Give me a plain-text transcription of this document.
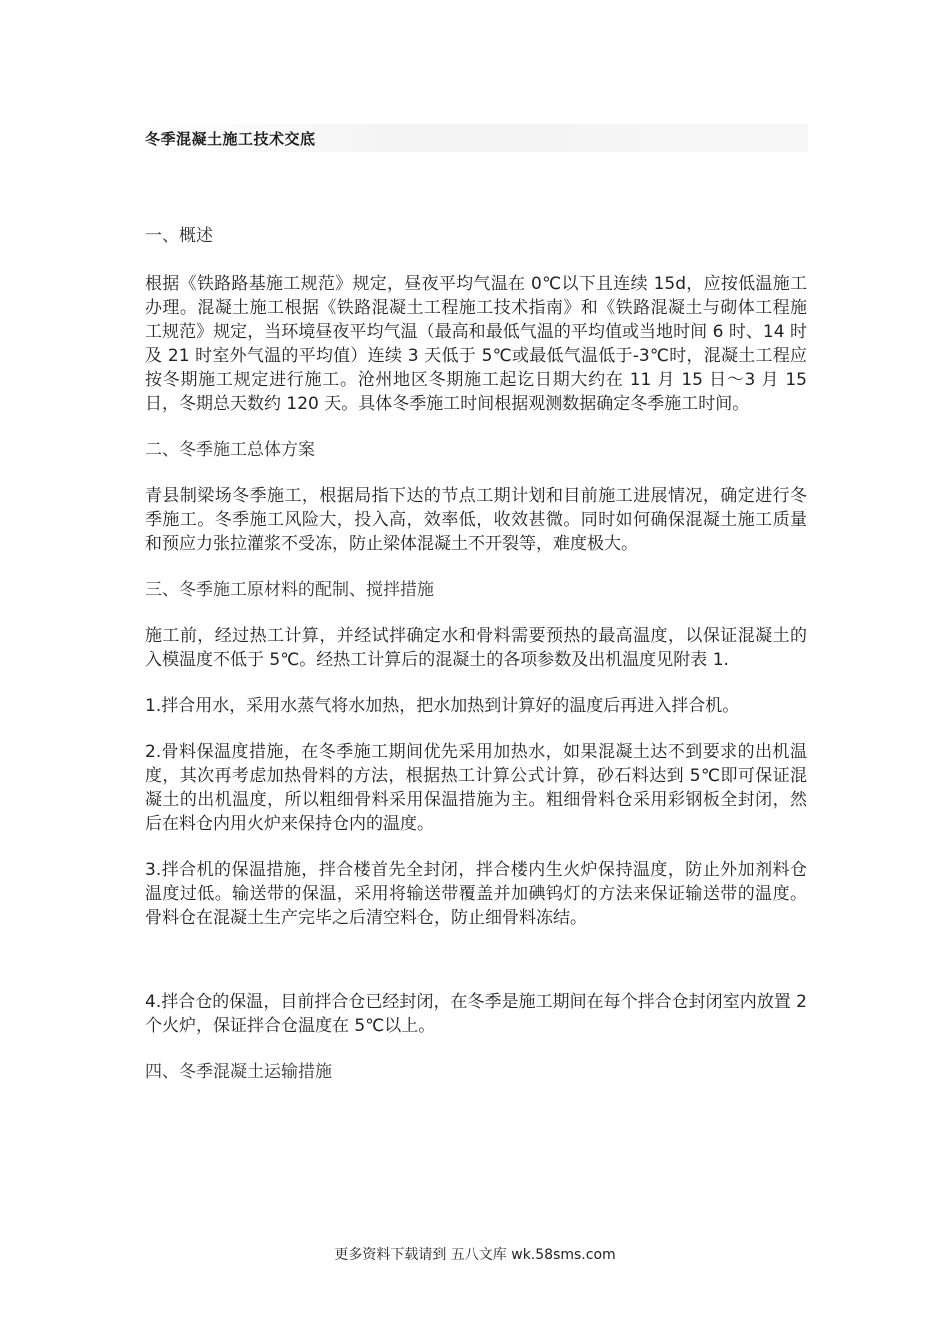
冬季混凝土施工技术交底

一、概述

根据《铁路路基施工规范》规定，昼夜平均气温在 0℃以下且连续 15d，应按低温施工办理。混凝土施工根据《铁路混凝土工程施工技术指南》和《铁路混凝土与砌体工程施工规范》规定，当环境昼夜平均气温（最高和最低气温的平均值或当地时间 6 时、14 时及 21 时室外气温的平均值）连续 3 天低于 5℃或最低气温低于-3℃时，混凝土工程应按冬期施工规定进行施工。沧州地区冬期施工起讫日期大约在 11 月 15 日～3 月 15 日，冬期总天数约 120 天。具体冬季施工时间根据观测数据确定冬季施工时间。

二、冬季施工总体方案

青县制梁场冬季施工，根据局指下达的节点工期计划和目前施工进展情况，确定进行冬季施工。冬季施工风险大，投入高，效率低，收效甚微。同时如何确保混凝土施工质量和预应力张拉灌浆不受冻，防止梁体混凝土不开裂等，难度极大。

三、冬季施工原材料的配制、搅拌措施

施工前，经过热工计算，并经试拌确定水和骨料需要预热的最高温度，以保证混凝土的入模温度不低于 5℃。经热工计算后的混凝土的各项参数及出机温度见附表 1.

1.拌合用水，采用水蒸气将水加热，把水加热到计算好的温度后再进入拌合机。

2.骨料保温度措施，在冬季施工期间优先采用加热水，如果混凝土达不到要求的出机温度，其次再考虑加热骨料的方法，根据热工计算公式计算，砂石料达到 5℃即可保证混凝土的出机温度，所以粗细骨料采用保温措施为主。粗细骨料仓采用彩钢板全封闭，然后在料仓内用火炉来保持仓内的温度。

3.拌合机的保温措施，拌合楼首先全封闭，拌合楼内生火炉保持温度，防止外加剂料仓温度过低。输送带的保温，采用将输送带覆盖并加碘钨灯的方法来保证输送带的温度。骨料仓在混凝土生产完毕之后清空料仓，防止细骨料冻结。

4.拌合仓的保温，目前拌合仓已经封闭，在冬季是施工期间在每个拌合仓封闭室内放置 2 个火炉，保证拌合仓温度在 5℃以上。

四、冬季混凝土运输措施

更多资料下载请到 五八文库 wk.58sms.com
